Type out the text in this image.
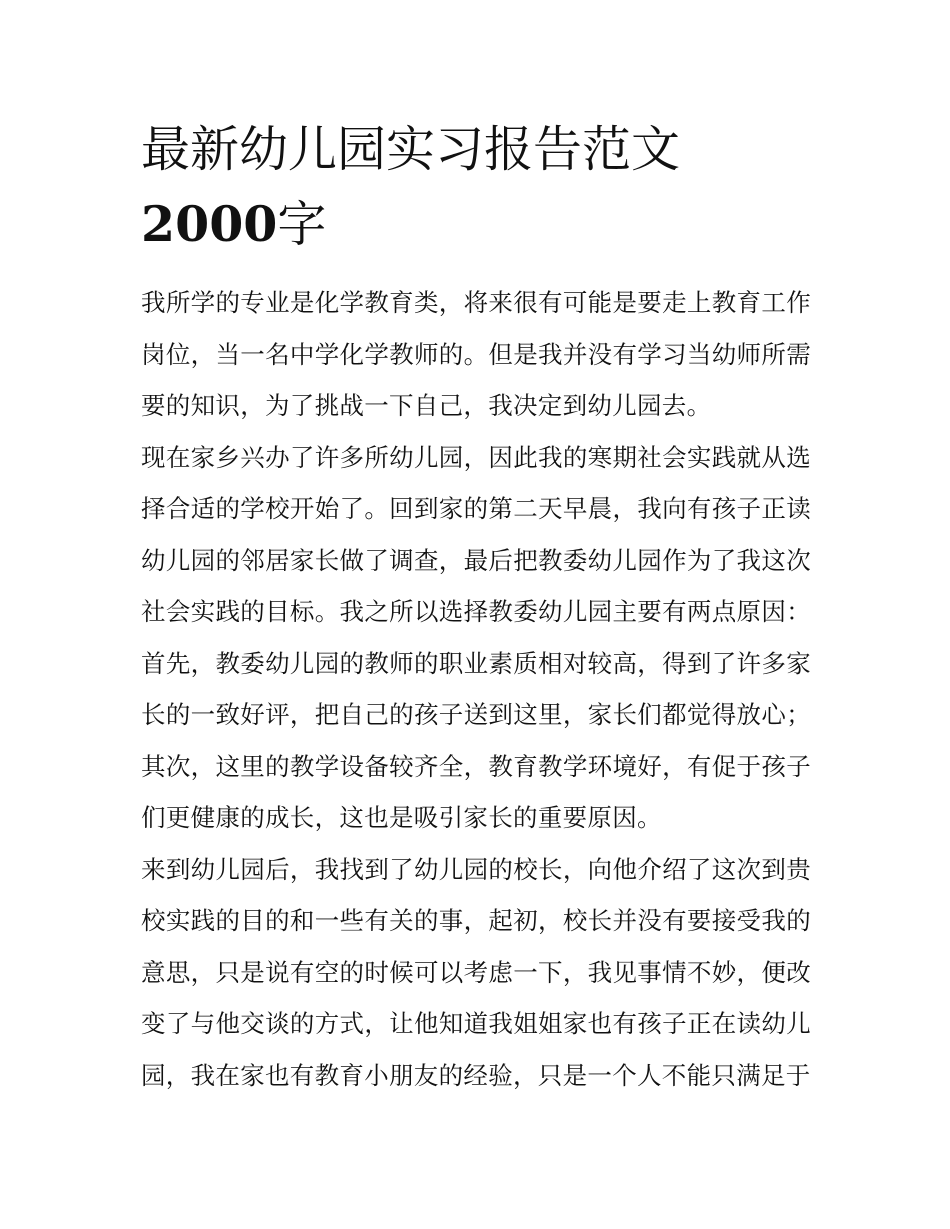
最新幼儿园实习报告范文2000字

我所学的专业是化学教育类，将来很有可能是要走上教育工作岗位，当一名中学化学教师的。但是我并没有学习当幼师所需要的知识，为了挑战一下自己，我决定到幼儿园去。

现在家乡兴办了许多所幼儿园，因此我的寒期社会实践就从选择合适的学校开始了。回到家的第二天早晨，我向有孩子正读幼儿园的邻居家长做了调查，最后把教委幼儿园作为了我这次社会实践的目标。我之所以选择教委幼儿园主要有两点原因：首先，教委幼儿园的教师的职业素质相对较高，得到了许多家长的一致好评，把自己的孩子送到这里，家长们都觉得放心；其次，这里的教学设备较齐全，教育教学环境好，有促于孩子们更健康的成长，这也是吸引家长的重要原因。

来到幼儿园后，我找到了幼儿园的校长，向他介绍了这次到贵校实践的目的和一些有关的事，起初，校长并没有要接受我的意思，只是说有空的时候可以考虑一下，我见事情不妙，便改变了与他交谈的方式，让他知道我姐姐家也有孩子正在读幼儿园，我在家也有教育小朋友的经验，只是一个人不能只满足于
